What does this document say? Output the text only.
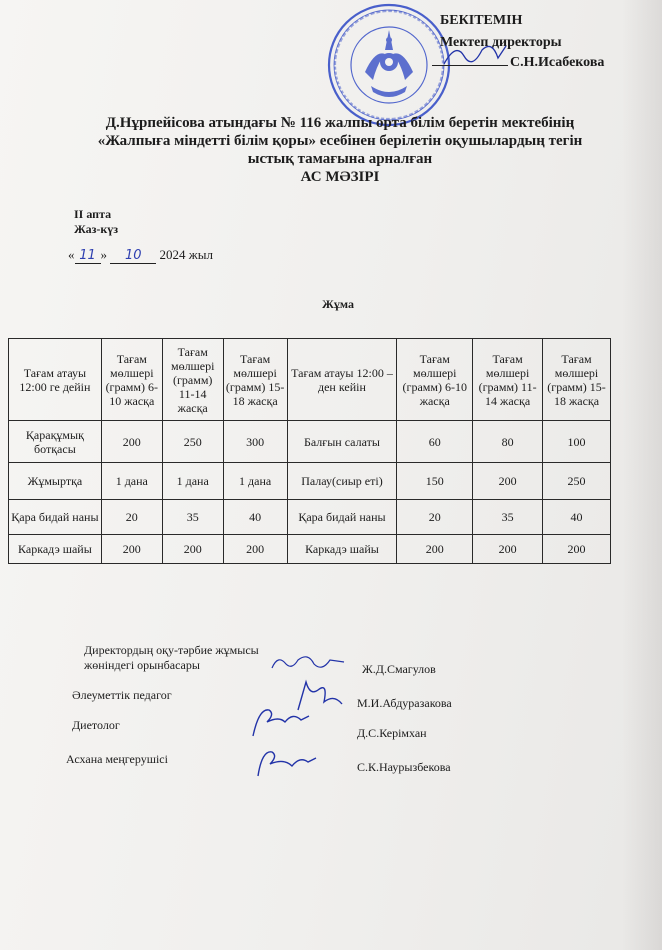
БЕКІТЕМІН
Мектеп директоры
С.Н.Исабекова
Д.Нұрпейісова атындағы № 116 жалпы орта білім беретін мектебінің
«Жалпыға міндетті білім қоры» есебінен берілетін оқушылардың тегін
ыстық тамағына арналған
АС МӘЗІРІ
II апта
Жаз-күз
« 11 » 10 2024 жыл
Жұма
Тағам атауы 12:00 ге дейін	Тағам мөлшері (грамм) 6-10 жасқа	Тағам мөлшері (грамм) 11-14 жасқа	Тағам мөлшері (грамм) 15-18 жасқа	Тағам атауы 12:00 – ден кейін	Тағам мөлшері (грамм) 6-10 жасқа	Тағам мөлшері (грамм) 11-14 жасқа	Тағам мөлшері (грамм) 15-18 жасқа
Қарақұмық ботқасы	200	250	300	Балғын салаты	60	80	100
Жұмыртқа	1 дана	1 дана	1 дана	Палау(сиыр еті)	150	200	250
Қара бидай наны	20	35	40	Қара бидай наны	20	35	40
Каркадэ шайы	200	200	200	Каркадэ шайы	200	200	200
Директордың оқу-тәрбие жұмысы
жөніндегі орынбасары	Ж.Д.Смагулов
Әлеуметтік педагог
М.И.Абдуразакова
Диетолог
Д.С.Керімхан
Асхана меңгерушісі
С.К.Наурызбекова
